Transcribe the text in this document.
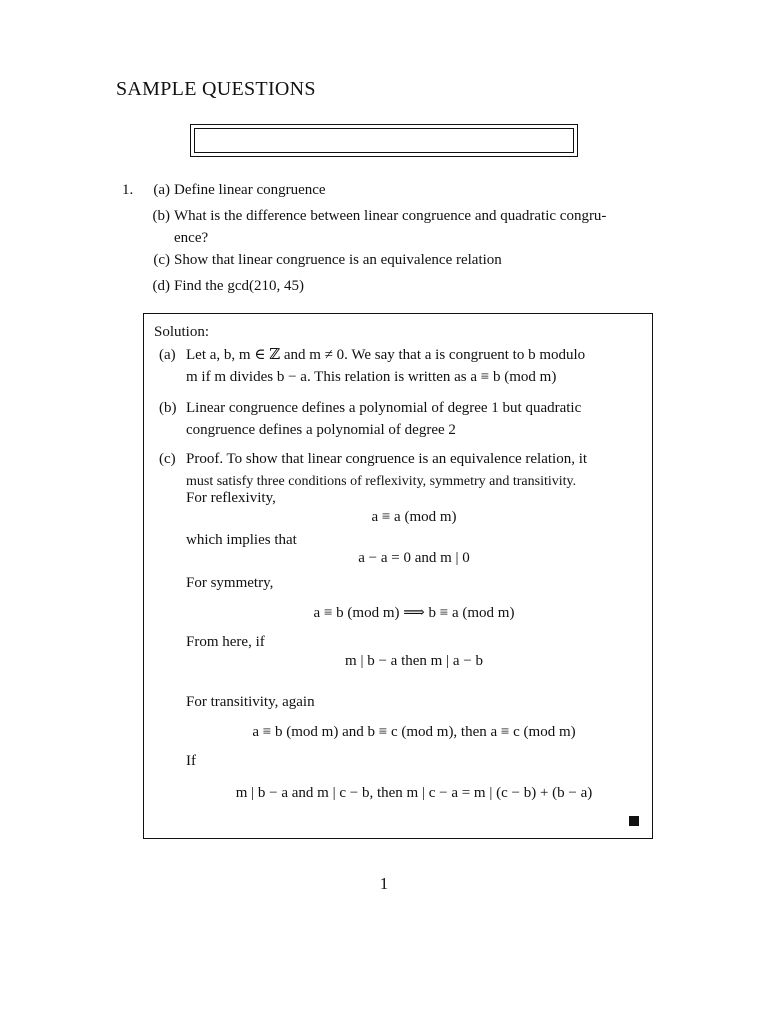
SAMPLE QUESTIONS
1.	(a) Define linear congruence
(b) What is the difference between linear congruence and quadratic congru-
ence?
(c) Show that linear congruence is an equivalence relation
(d) Find the gcd(210, 45)
Solution:
(a) Let a, b, m ∈ ℤ and m ≠ 0. We say that a is congruent to b modulo
m if m divides b − a. This relation is written as a ≡ b (mod m)
(b) Linear congruence defines a polynomial of degree 1 but quadratic
congruence defines a polynomial of degree 2
(c) Proof. To show that linear congruence is an equivalence relation, it
must satisfy three conditions of reflexivity, symmetry and transitivity.
For reflexivity,
a ≡ a (mod m)
which implies that
a − a = 0 and m | 0
For symmetry,
a ≡ b (mod m) ⟹ b ≡ a (mod m)
From here, if
m | b − a then m | a − b
For transitivity, again
a ≡ b (mod m) and b ≡ c (mod m), then a ≡ c (mod m)
If
m | b − a and m | c − b, then m | c − a = m | (c − b) + (b − a)
1
